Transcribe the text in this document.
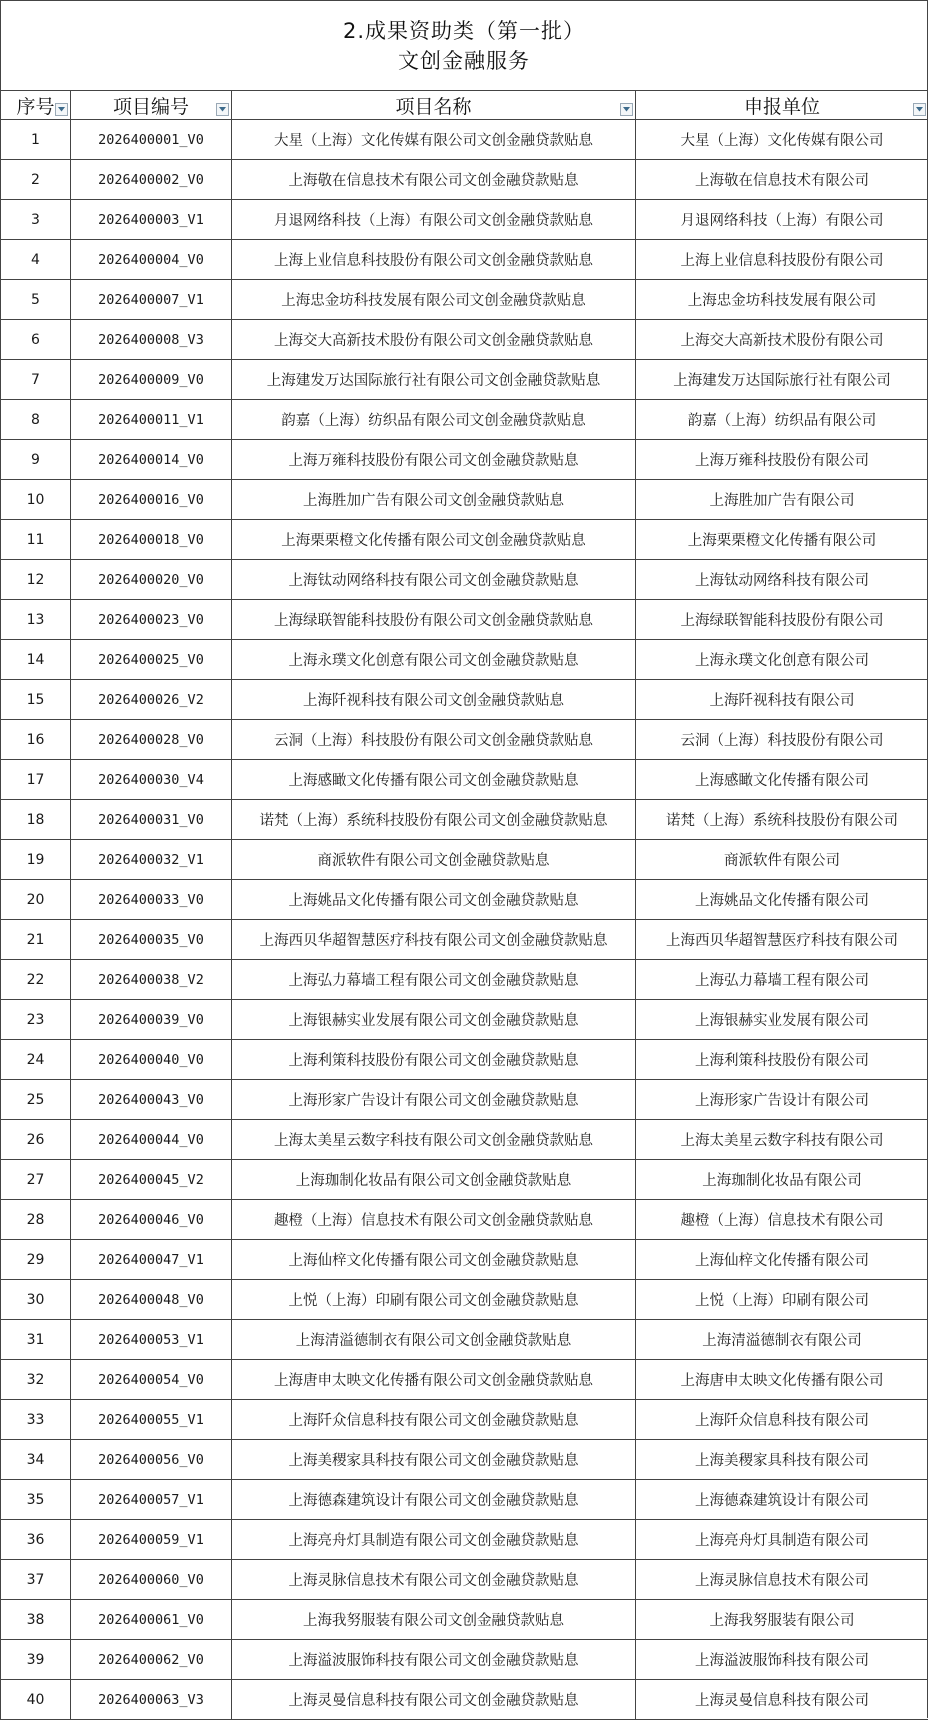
2.成果资助类（第一批）
文创金融服务
序号	项目编号	项目名称	申报单位

1	2026400001_V0	大星（上海）文化传媒有限公司文创金融贷款贴息	大星（上海）文化传媒有限公司
2	2026400002_V0	上海敬在信息技术有限公司文创金融贷款贴息	上海敬在信息技术有限公司
3	2026400003_V1	月退网络科技（上海）有限公司文创金融贷款贴息	月退网络科技（上海）有限公司
4	2026400004_V0	上海上业信息科技股份有限公司文创金融贷款贴息	上海上业信息科技股份有限公司
5	2026400007_V1	上海忠金坊科技发展有限公司文创金融贷款贴息	上海忠金坊科技发展有限公司
6	2026400008_V3	上海交大高新技术股份有限公司文创金融贷款贴息	上海交大高新技术股份有限公司
7	2026400009_V0	上海建发万达国际旅行社有限公司文创金融贷款贴息	上海建发万达国际旅行社有限公司
8	2026400011_V1	韵嘉（上海）纺织品有限公司文创金融贷款贴息	韵嘉（上海）纺织品有限公司
9	2026400014_V0	上海万雍科技股份有限公司文创金融贷款贴息	上海万雍科技股份有限公司
10	2026400016_V0	上海胜加广告有限公司文创金融贷款贴息	上海胜加广告有限公司
11	2026400018_V0	上海栗栗橙文化传播有限公司文创金融贷款贴息	上海栗栗橙文化传播有限公司
12	2026400020_V0	上海钛动网络科技有限公司文创金融贷款贴息	上海钛动网络科技有限公司
13	2026400023_V0	上海绿联智能科技股份有限公司文创金融贷款贴息	上海绿联智能科技股份有限公司
14	2026400025_V0	上海永璞文化创意有限公司文创金融贷款贴息	上海永璞文化创意有限公司
15	2026400026_V2	上海阡视科技有限公司文创金融贷款贴息	上海阡视科技有限公司
16	2026400028_V0	云洞（上海）科技股份有限公司文创金融贷款贴息	云洞（上海）科技股份有限公司
17	2026400030_V4	上海感瞰文化传播有限公司文创金融贷款贴息	上海感瞰文化传播有限公司
18	2026400031_V0	诺梵（上海）系统科技股份有限公司文创金融贷款贴息	诺梵（上海）系统科技股份有限公司
19	2026400032_V1	商派软件有限公司文创金融贷款贴息	商派软件有限公司
20	2026400033_V0	上海姚品文化传播有限公司文创金融贷款贴息	上海姚品文化传播有限公司
21	2026400035_V0	上海西贝华超智慧医疗科技有限公司文创金融贷款贴息	上海西贝华超智慧医疗科技有限公司
22	2026400038_V2	上海弘力幕墙工程有限公司文创金融贷款贴息	上海弘力幕墙工程有限公司
23	2026400039_V0	上海银赫实业发展有限公司文创金融贷款贴息	上海银赫实业发展有限公司
24	2026400040_V0	上海利策科技股份有限公司文创金融贷款贴息	上海利策科技股份有限公司
25	2026400043_V0	上海形家广告设计有限公司文创金融贷款贴息	上海形家广告设计有限公司
26	2026400044_V0	上海太美星云数字科技有限公司文创金融贷款贴息	上海太美星云数字科技有限公司
27	2026400045_V2	上海珈制化妆品有限公司文创金融贷款贴息	上海珈制化妆品有限公司
28	2026400046_V0	趣橙（上海）信息技术有限公司文创金融贷款贴息	趣橙（上海）信息技术有限公司
29	2026400047_V1	上海仙梓文化传播有限公司文创金融贷款贴息	上海仙梓文化传播有限公司
30	2026400048_V0	上悦（上海）印刷有限公司文创金融贷款贴息	上悦（上海）印刷有限公司
31	2026400053_V1	上海清溢德制衣有限公司文创金融贷款贴息	上海清溢德制衣有限公司
32	2026400054_V0	上海唐申太映文化传播有限公司文创金融贷款贴息	上海唐申太映文化传播有限公司
33	2026400055_V1	上海阡众信息科技有限公司文创金融贷款贴息	上海阡众信息科技有限公司
34	2026400056_V0	上海美稷家具科技有限公司文创金融贷款贴息	上海美稷家具科技有限公司
35	2026400057_V1	上海德森建筑设计有限公司文创金融贷款贴息	上海德森建筑设计有限公司
36	2026400059_V1	上海亮舟灯具制造有限公司文创金融贷款贴息	上海亮舟灯具制造有限公司
37	2026400060_V0	上海灵脉信息技术有限公司文创金融贷款贴息	上海灵脉信息技术有限公司
38	2026400061_V0	上海我努服装有限公司文创金融贷款贴息	上海我努服装有限公司
39	2026400062_V0	上海溢波服饰科技有限公司文创金融贷款贴息	上海溢波服饰科技有限公司
40	2026400063_V3	上海灵曼信息科技有限公司文创金融贷款贴息	上海灵曼信息科技有限公司
